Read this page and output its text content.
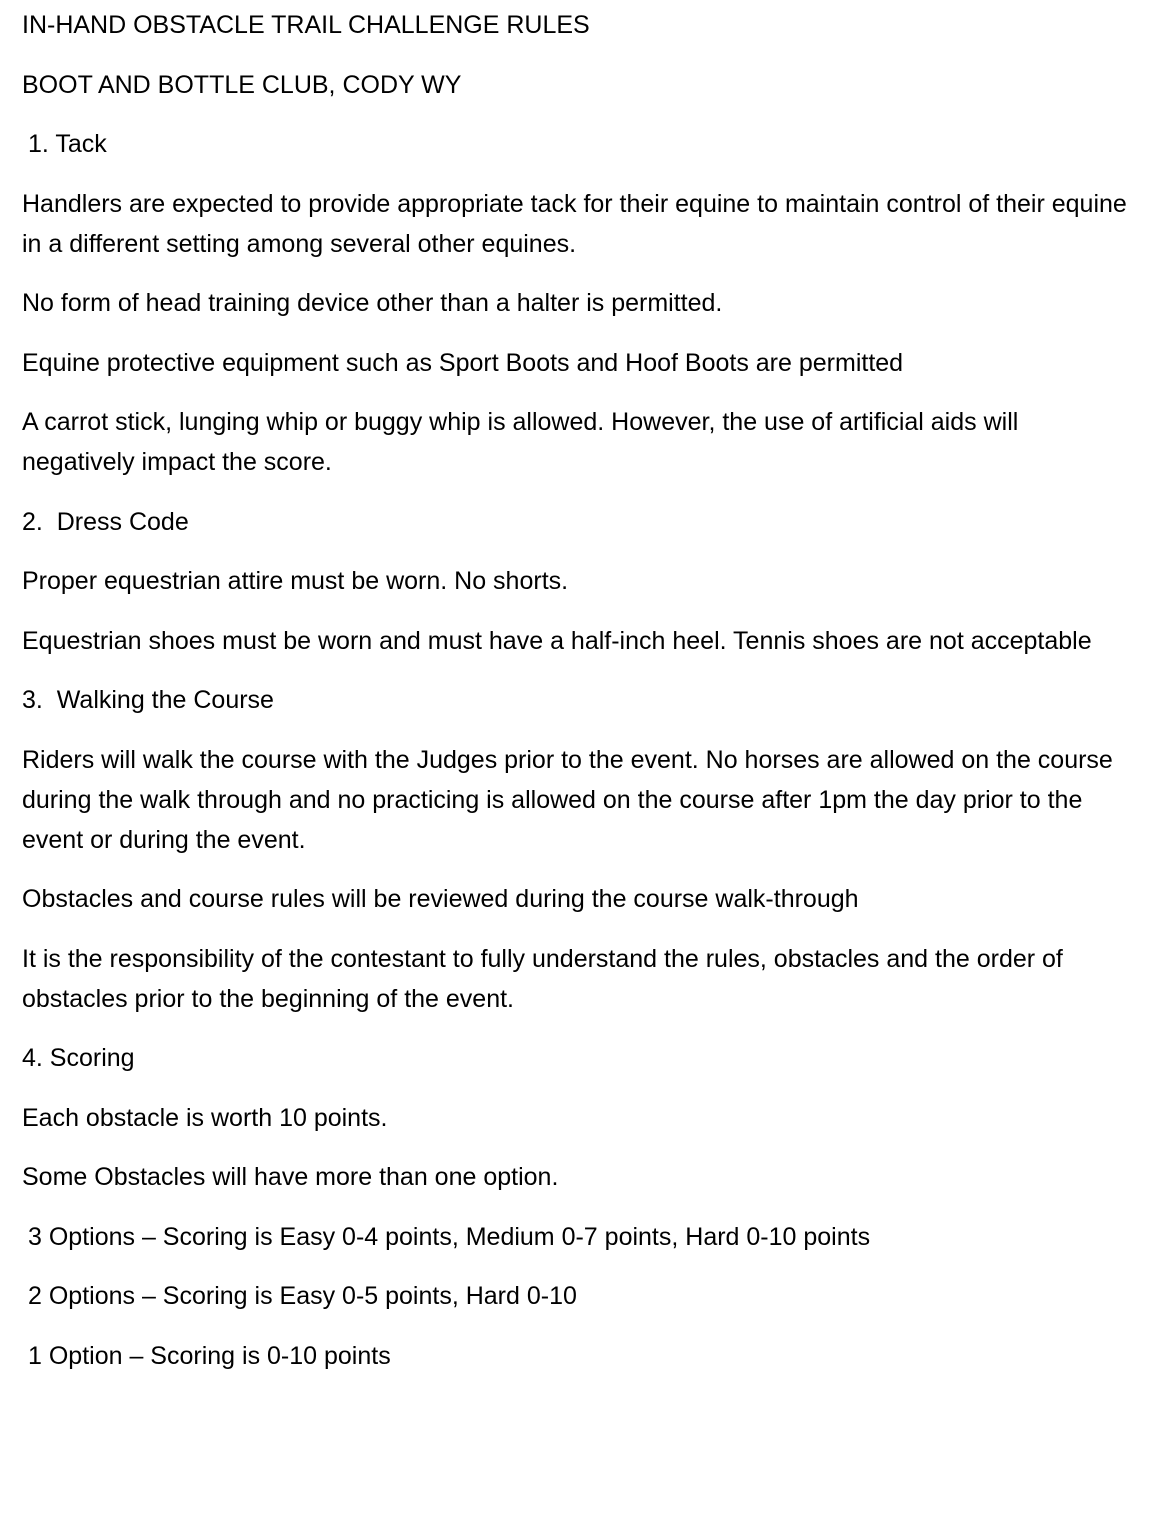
IN-HAND OBSTACLE TRAIL CHALLENGE RULES

BOOT AND BOTTLE CLUB, CODY WY

1. Tack

Handlers are expected to provide appropriate tack for their equine to maintain control of their equine in a different setting among several other equines.

No form of head training device other than a halter is permitted.

Equine protective equipment such as Sport Boots and Hoof Boots are permitted

A carrot stick, lunging whip or buggy whip is allowed. However, the use of artificial aids will negatively impact the score.

2.  Dress Code

Proper equestrian attire must be worn. No shorts.

Equestrian shoes must be worn and must have a half-inch heel. Tennis shoes are not acceptable

3.  Walking the Course

Riders will walk the course with the Judges prior to the event. No horses are allowed on the course during the walk through and no practicing is allowed on the course after 1pm the day prior to the event or during the event.

Obstacles and course rules will be reviewed during the course walk-through

It is the responsibility of the contestant to fully understand the rules, obstacles and the order of obstacles prior to the beginning of the event.

4. Scoring

Each obstacle is worth 10 points.

Some Obstacles will have more than one option.

3 Options – Scoring is Easy 0-4 points, Medium 0-7 points, Hard 0-10 points

2 Options – Scoring is Easy 0-5 points, Hard 0-10

1 Option – Scoring is 0-10 points
